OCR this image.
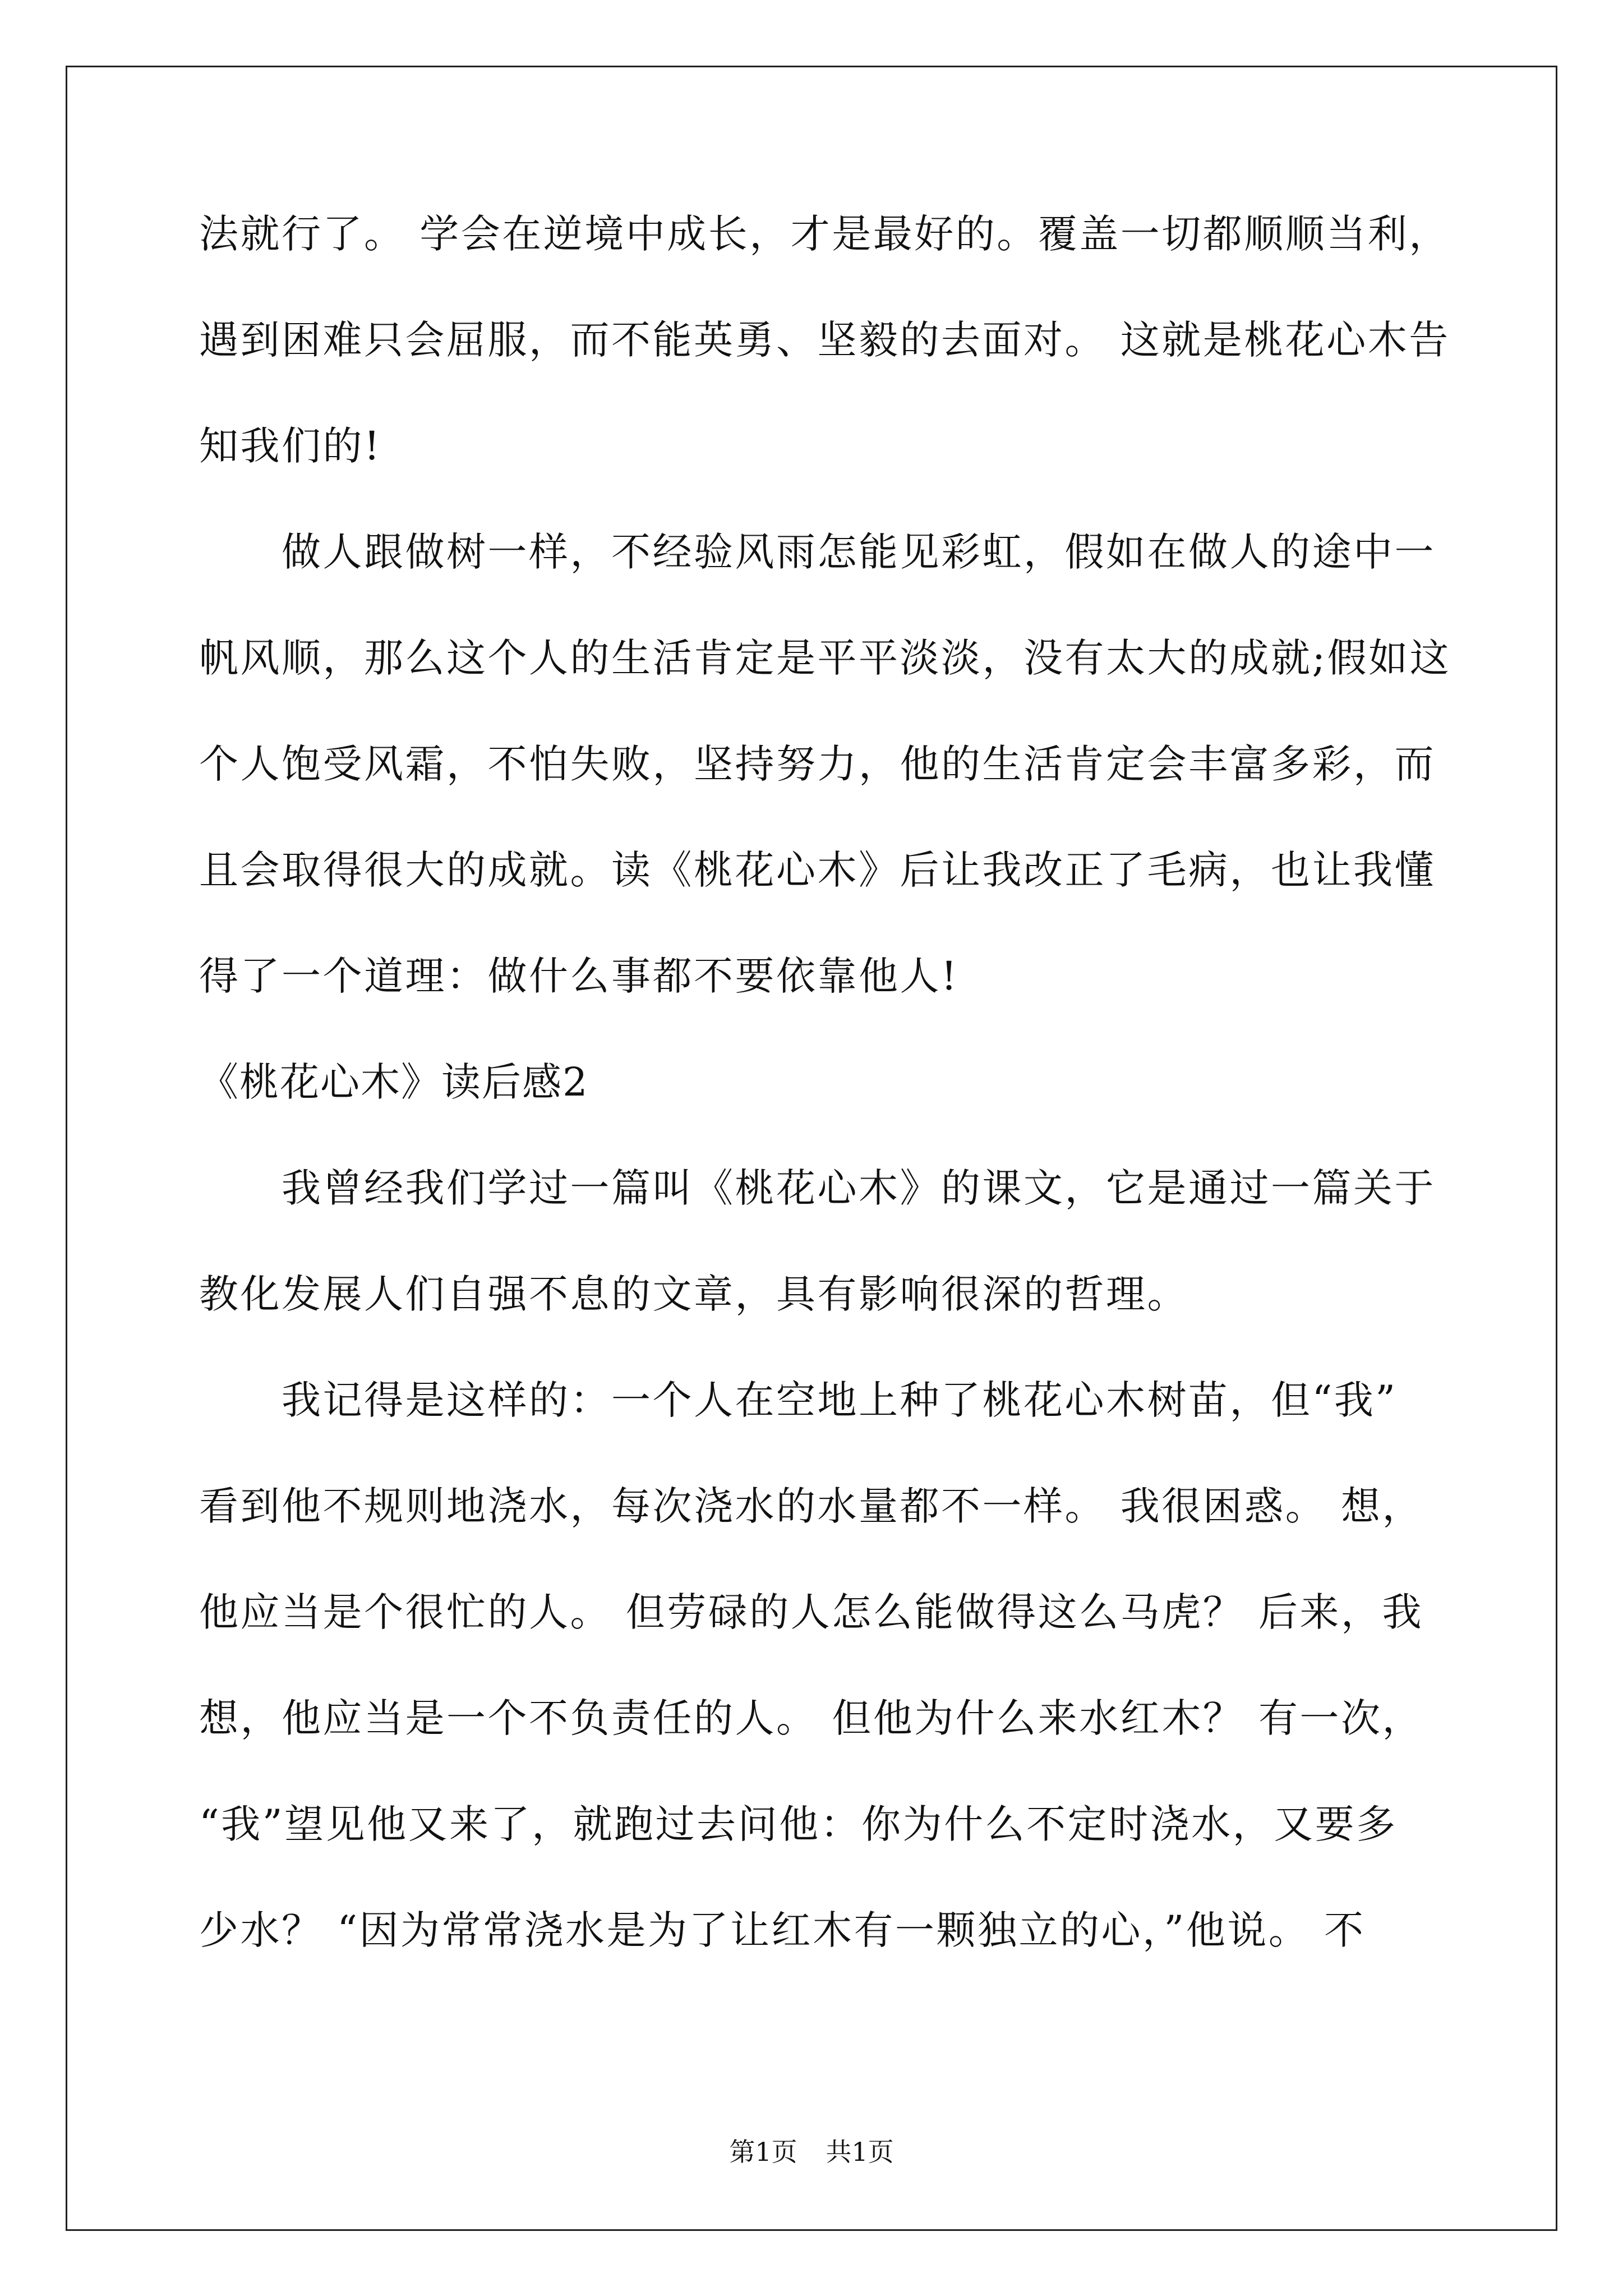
法就行了。 学会在逆境中成长，才是最好的。覆盖一切都顺顺当利，
遇到困难只会屈服，而不能英勇、坚毅的去面对。 这就是桃花心木告
知我们的!
做人跟做树一样，不经验风雨怎能见彩虹，假如在做人的途中一
帆风顺，那么这个人的生活肯定是平平淡淡，没有太大的成就;假如这
个人饱受风霜，不怕失败，坚持努力，他的生活肯定会丰富多彩，而
且会取得很大的成就。读《桃花心木》后让我改正了毛病，也让我懂
得了一个道理：做什么事都不要依靠他人!
《桃花心木》读后感2
我曾经我们学过一篇叫《桃花心木》的课文，它是通过一篇关于
教化发展人们自强不息的文章，具有影响很深的哲理。
我记得是这样的：一个人在空地上种了桃花心木树苗，但“我”
看到他不规则地浇水，每次浇水的水量都不一样。 我很困惑。 想，
他应当是个很忙的人。 但劳碌的人怎么能做得这么马虎？ 后来，我
想，他应当是一个不负责任的人。 但他为什么来水红木？ 有一次，
“我”望见他又来了，就跑过去问他：你为什么不定时浇水，又要多
少水？ “因为常常浇水是为了让红木有一颗独立的心，”他说。 不
第1页 共1页
